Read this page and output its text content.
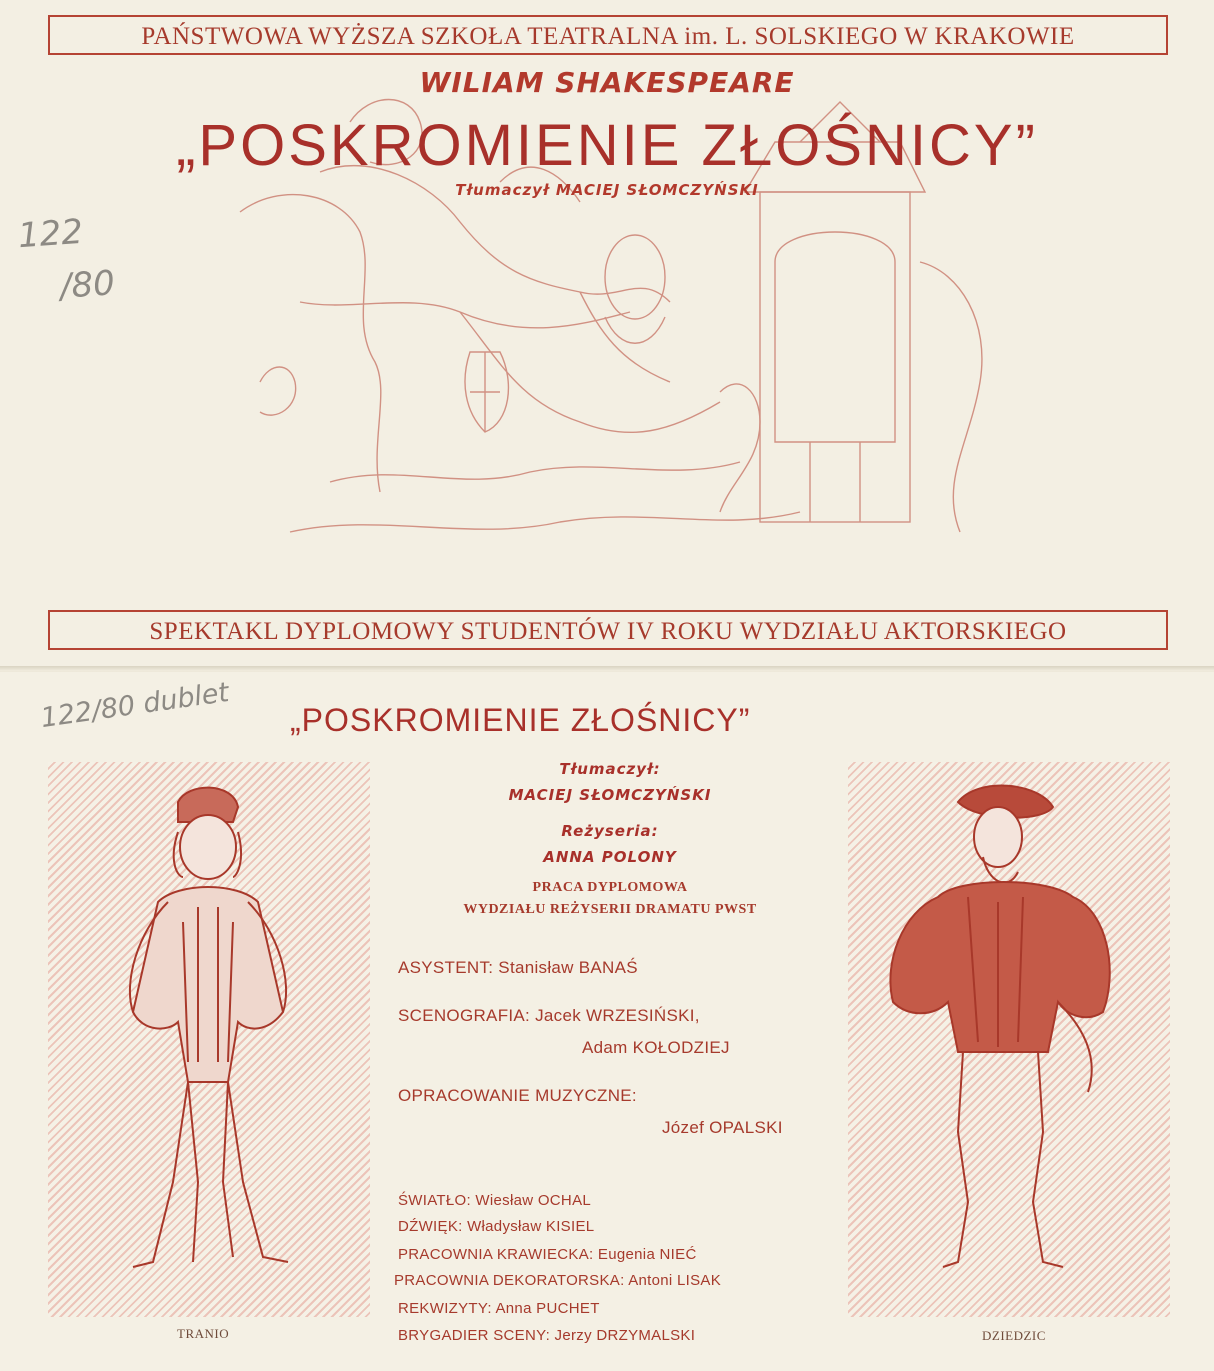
PAŃSTWOWA WYŻSZA SZKOŁA TEATRALNA im. L. SOLSKIEGO W KRAKOWIE
WILIAM SHAKESPEARE
„POSKROMIENIE ZŁOŚNICY”
Tłumaczył MACIEJ SŁOMCZYŃSKI
122
/80
SPEKTAKL DYPLOMOWY STUDENTÓW IV ROKU WYDZIAŁU AKTORSKIEGO
122/80 dublet „POSKROMIENIE ZŁOŚNICY”
TRANIO	DZIEDZIC
Tłumaczył:
MACIEJ SŁOMCZYŃSKI
Reżyseria:
ANNA POLONY
PRACA DYPLOMOWA
WYDZIAŁU REŻYSERII DRAMATU PWST
ASYSTENT: Stanisław BANAŚ
SCENOGRAFIA: Jacek WRZESIŃSKI,
Adam KOŁODZIEJ
OPRACOWANIE MUZYCZNE:
Józef OPALSKI
ŚWIATŁO: Wiesław OCHAL
DŹWIĘK: Władysław KISIEL
PRACOWNIA KRAWIECKA: Eugenia NIEĆ
PRACOWNIA DEKORATORSKA: Antoni LISAK
REKWIZYTY: Anna PUCHET
BRYGADIER SCENY: Jerzy DRZYMALSKI
